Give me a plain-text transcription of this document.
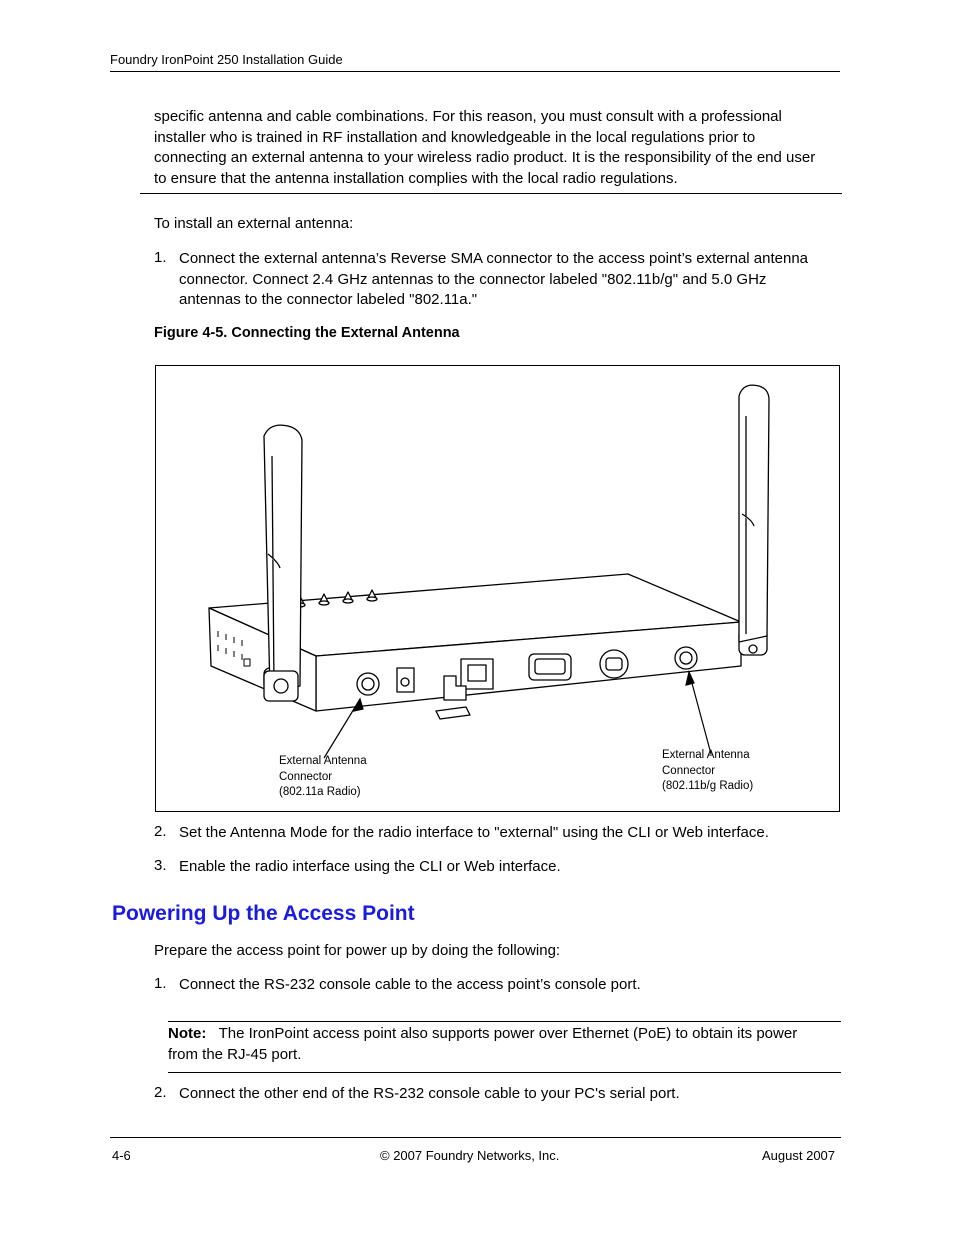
Foundry IronPoint 250 Installation Guide
specific antenna and cable combinations. For this reason, you must consult with a professional
installer who is trained in RF installation and knowledgeable in the local regulations prior to
connecting an external antenna to your wireless radio product. It is the responsibility of the end user
to ensure that the antenna installation complies with the local radio regulations.
To install an external antenna:
1. Connect the external antenna’s Reverse SMA connector to the access point’s external antenna
connector. Connect 2.4 GHz antennas to the connector labeled "802.11b/g" and 5.0 GHz
antennas to the connector labeled "802.11a."
Figure 4-5. Connecting the External Antenna
External Antenna
Connector
(802.11a Radio)
External Antenna
Connector
(802.11b/g Radio)
2. Set the Antenna Mode for the radio interface to "external" using the CLI or Web interface.
3. Enable the radio interface using the CLI or Web interface.
Powering Up the Access Point
Prepare the access point for power up by doing the following:
1. Connect the RS-232 console cable to the access point’s console port.
Note: The IronPoint access point also supports power over Ethernet (PoE) to obtain its power
from the RJ-45 port.
2. Connect the other end of the RS-232 console cable to your PC's serial port.
4-6	© 2007 Foundry Networks, Inc.	August 2007
